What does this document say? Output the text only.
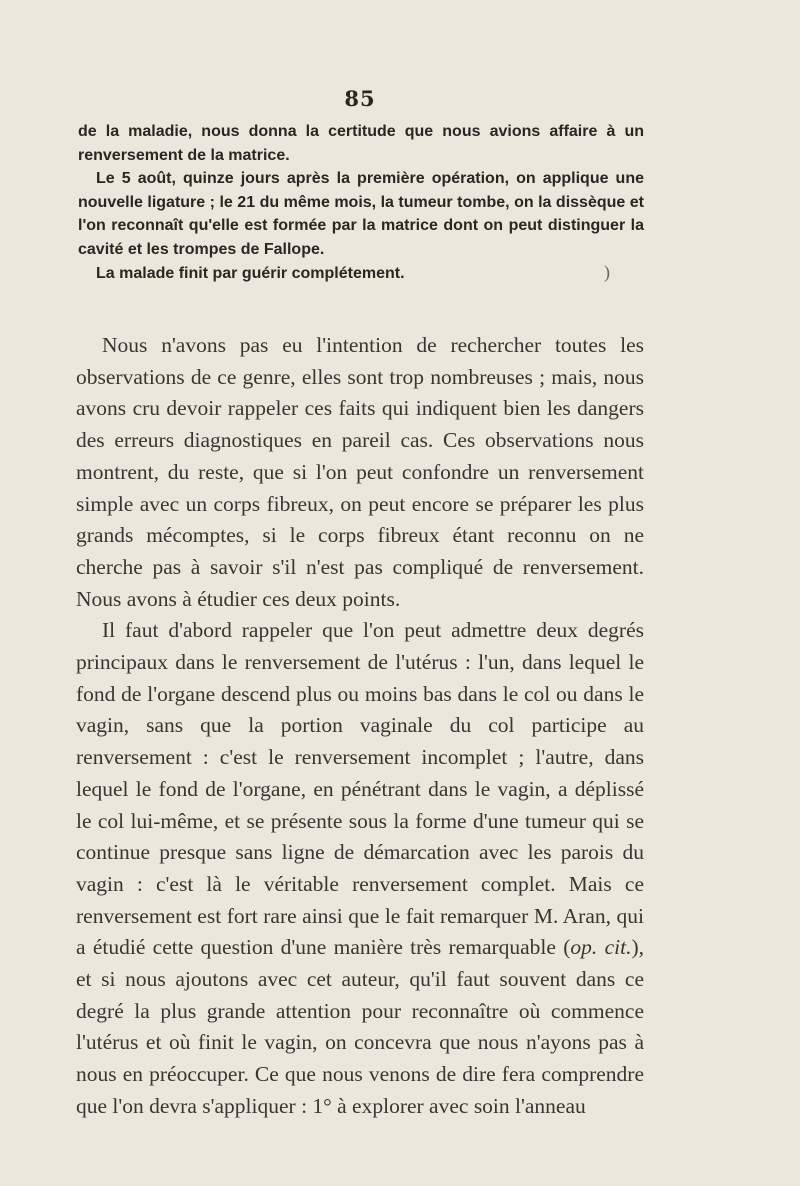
85

de la maladie, nous donna la certitude que nous avions affaire à un renversement de la matrice.

Le 5 août, quinze jours après la première opération, on applique une nouvelle ligature ; le 21 du même mois, la tumeur tombe, on la dissèque et l'on reconnaît qu'elle est formée par la matrice dont on peut distinguer la cavité et les trompes de Fallope.

La malade finit par guérir complétement.	)

Nous n'avons pas eu l'intention de rechercher toutes les observations de ce genre, elles sont trop nombreuses ; mais, nous avons cru devoir rappeler ces faits qui indiquent bien les dangers des erreurs diagnostiques en pareil cas. Ces observations nous montrent, du reste, que si l'on peut confondre un renversement simple avec un corps fibreux, on peut encore se préparer les plus grands mécomptes, si le corps fibreux étant reconnu on ne cherche pas à savoir s'il n'est pas compliqué de renversement. Nous avons à étudier ces deux points.

Il faut d'abord rappeler que l'on peut admettre deux degrés principaux dans le renversement de l'utérus : l'un, dans lequel le fond de l'organe descend plus ou moins bas dans le col ou dans le vagin, sans que la portion vaginale du col participe au renversement : c'est le renversement incomplet ; l'autre, dans lequel le fond de l'organe, en pénétrant dans le vagin, a déplissé le col lui-même, et se présente sous la forme d'une tumeur qui se continue presque sans ligne de démarcation avec les parois du vagin : c'est là le véritable renversement complet. Mais ce renversement est fort rare ainsi que le fait remarquer M. Aran, qui a étudié cette question d'une manière très remarquable (op. cit.), et si nous ajoutons avec cet auteur, qu'il faut souvent dans ce degré la plus grande attention pour reconnaître où commence l'utérus et où finit le vagin, on concevra que nous n'ayons pas à nous en préoccuper. Ce que nous venons de dire fera comprendre que l'on devra s'appliquer : 1° à explorer avec soin l'anneau
